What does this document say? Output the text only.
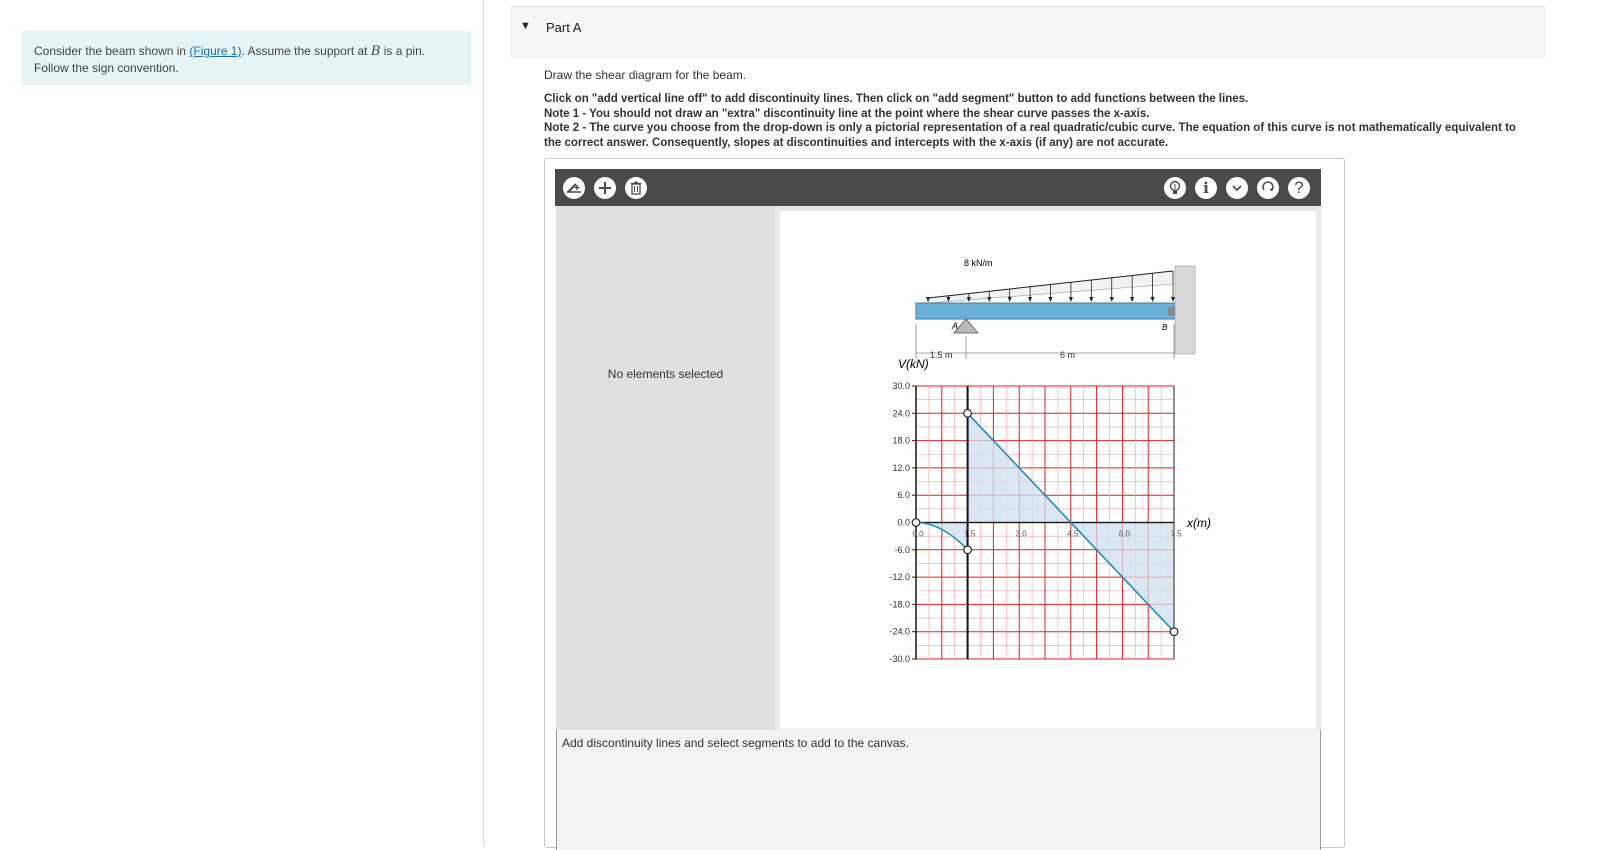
Consider the beam shown in (Figure 1). Assume the support at B is a pin. Follow the sign convention.
▼ Part A
Draw the shear diagram for the beam.
Click on "add vertical line off" to add discontinuity lines. Then click on "add segment" button to add functions between the lines.
Note 1 - You should not draw an "extra" discontinuity line at the point where the shear curve passes the x-axis.
Note 2 - The curve you choose from the drop-down is only a pictorial representation of a real quadratic/cubic curve. The equation of this curve is not mathematically equivalent to
the correct answer. Consequently, slopes at discontinuities and intercepts with the x-axis (if any) are not accurate.
i	?
No elements selected
8 kN/m
A	B
1.5 m	6 m
30.0
24.0
18.0
12.0
6.0
0.0
-6.0
-12.0
-18.0
-24.0
-30.0
0.0	1.5	3.0	4.5	6.0	7.5
V(kN)
x(m)
Add discontinuity lines and select segments to add to the canvas.
